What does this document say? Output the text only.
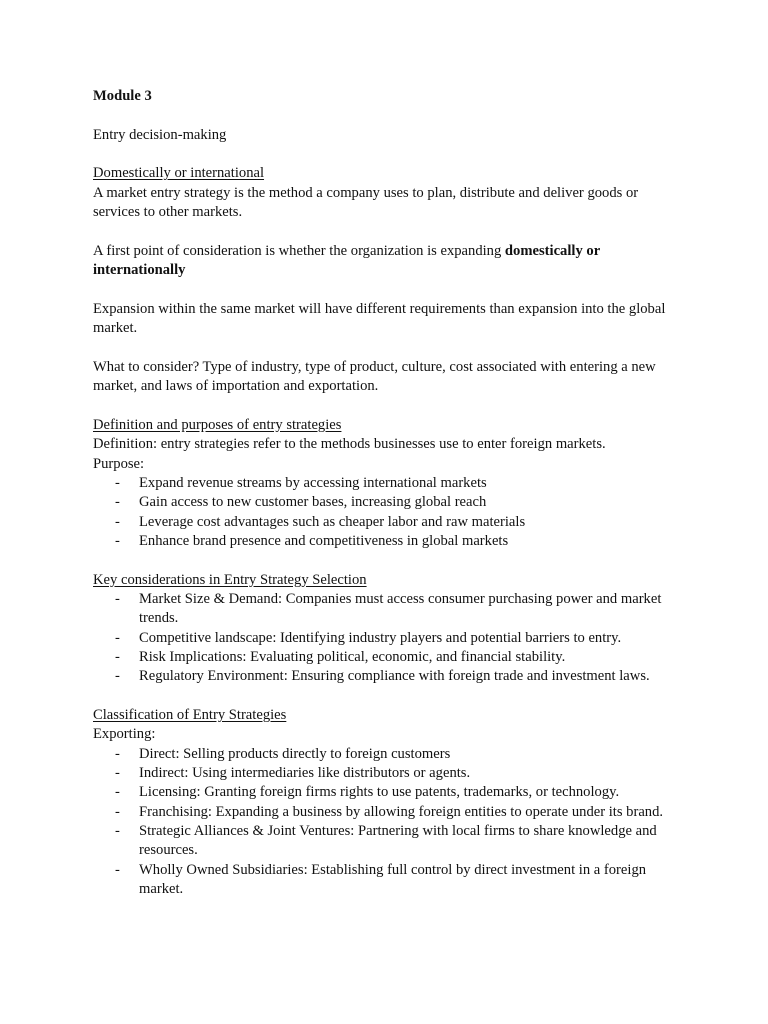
Module 3

Entry decision-making

Domestically or international

A market entry strategy is the method a company uses to plan, distribute and deliver goods or services to other markets.

A first point of consideration is whether the organization is expanding domestically or internationally

Expansion within the same market will have different requirements than expansion into the global market.

What to consider? Type of industry, type of product, culture, cost associated with entering a new market, and laws of importation and exportation.

Definition and purposes of entry strategies

Definition: entry strategies refer to the methods businesses use to enter foreign markets.

Purpose:

- Expand revenue streams by accessing international markets
- Gain access to new customer bases, increasing global reach
- Leverage cost advantages such as cheaper labor and raw materials
- Enhance brand presence and competitiveness in global markets

Key considerations in Entry Strategy Selection

- Market Size & Demand: Companies must access consumer purchasing power and market trends.
- Competitive landscape: Identifying industry players and potential barriers to entry.
- Risk Implications: Evaluating political, economic, and financial stability.
- Regulatory Environment: Ensuring compliance with foreign trade and investment laws.

Classification of Entry Strategies

Exporting:

- Direct: Selling products directly to foreign customers
- Indirect: Using intermediaries like distributors or agents.
- Licensing: Granting foreign firms rights to use patents, trademarks, or technology.
- Franchising: Expanding a business by allowing foreign entities to operate under its brand.
- Strategic Alliances & Joint Ventures: Partnering with local firms to share knowledge and resources.
- Wholly Owned Subsidiaries: Establishing full control by direct investment in a foreign market.
